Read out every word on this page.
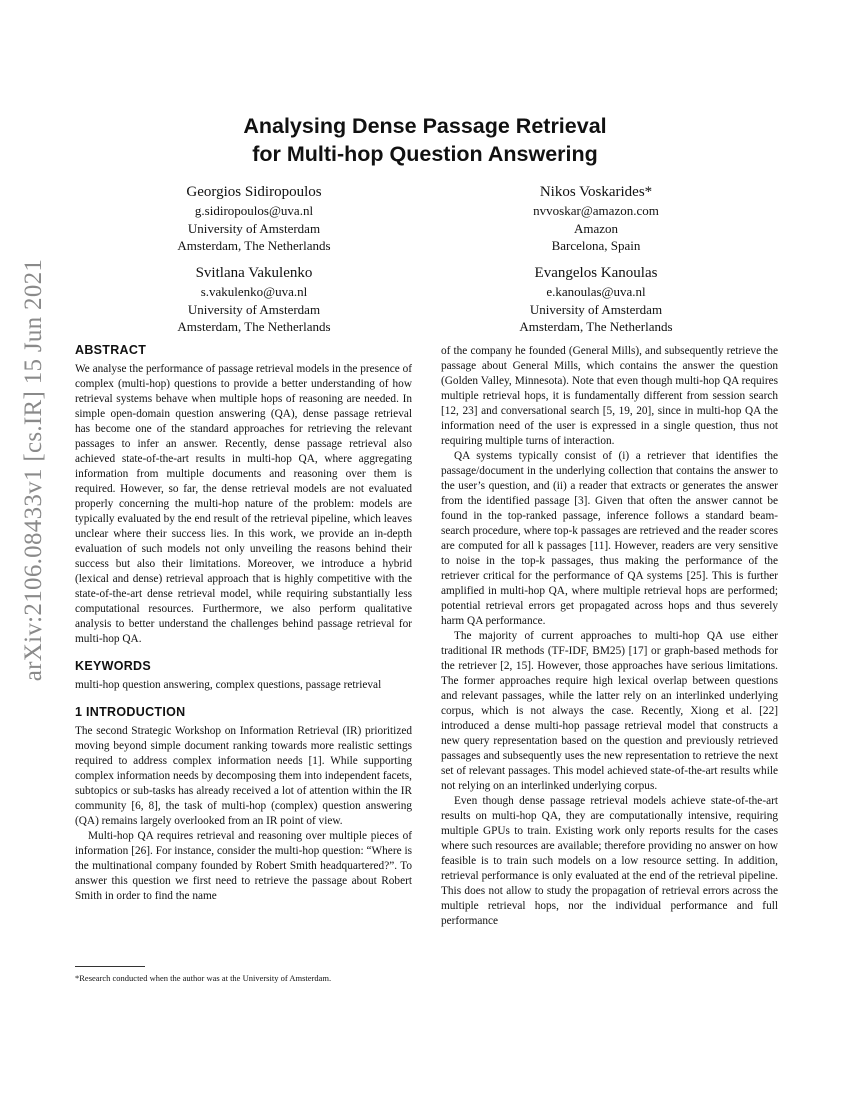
arXiv:2106.08433v1 [cs.IR] 15 Jun 2021
Analysing Dense Passage Retrieval
for Multi-hop Question Answering
Georgios Sidiropoulos
g.sidiropoulos@uva.nl
University of Amsterdam
Amsterdam, The Netherlands
Nikos Voskarides*
nvvoskar@amazon.com
Amazon
Barcelona, Spain
Svitlana Vakulenko
s.vakulenko@uva.nl
University of Amsterdam
Amsterdam, The Netherlands
Evangelos Kanoulas
e.kanoulas@uva.nl
University of Amsterdam
Amsterdam, The Netherlands
ABSTRACT

We analyse the performance of passage retrieval models in the presence of complex (multi-hop) questions to provide a better understanding of how retrieval systems behave when multiple hops of reasoning are needed. In simple open-domain question answering (QA), dense passage retrieval has become one of the standard approaches for retrieving the relevant passages to infer an answer. Recently, dense passage retrieval also achieved state-of-the-art results in multi-hop QA, where aggregating information from multiple documents and reasoning over them is required. However, so far, the dense retrieval models are not evaluated properly concerning the multi-hop nature of the problem: models are typically evaluated by the end result of the retrieval pipeline, which leaves unclear where their success lies. In this work, we provide an in-depth evaluation of such models not only unveiling the reasons behind their success but also their limitations. Moreover, we introduce a hybrid (lexical and dense) retrieval approach that is highly competitive with the state-of-the-art dense retrieval model, while requiring substantially less computational resources. Furthermore, we also perform qualitative analysis to better understand the challenges behind passage retrieval for multi-hop QA.

KEYWORDS

multi-hop question answering, complex questions, passage retrieval

1 INTRODUCTION

The second Strategic Workshop on Information Retrieval (IR) prioritized moving beyond simple document ranking towards more realistic settings required to address complex information needs [1]. While supporting complex information needs by decomposing them into independent facets, subtopics or sub-tasks has already received a lot of attention within the IR community [6, 8], the task of multi-hop (complex) question answering (QA) remains largely overlooked from an IR point of view.

Multi-hop QA requires retrieval and reasoning over multiple pieces of information [26]. For instance, consider the multi-hop question: “Where is the multinational company founded by Robert Smith headquartered?”. To answer this question we first need to retrieve the passage about Robert Smith in order to find the name

of the company he founded (General Mills), and subsequently retrieve the passage about General Mills, which contains the answer the question (Golden Valley, Minnesota). Note that even though multi-hop QA requires multiple retrieval hops, it is fundamentally different from session search [12, 23] and conversational search [5, 19, 20], since in multi-hop QA the information need of the user is expressed in a single question, thus not requiring multiple turns of interaction.

QA systems typically consist of (i) a retriever that identifies the passage/document in the underlying collection that contains the answer to the user’s question, and (ii) a reader that extracts or generates the answer from the identified passage [3]. Given that often the answer cannot be found in the top-ranked passage, inference follows a standard beam-search procedure, where top-k passages are retrieved and the reader scores are computed for all k passages [11]. However, readers are very sensitive to noise in the top-k passages, thus making the performance of the retriever critical for the performance of QA systems [25]. This is further amplified in multi-hop QA, where multiple retrieval hops are performed; potential retrieval errors get propagated across hops and thus severely harm QA performance.

The majority of current approaches to multi-hop QA use either traditional IR methods (TF-IDF, BM25) [17] or graph-based methods for the retriever [2, 15]. However, those approaches have serious limitations. The former approaches require high lexical overlap between questions and relevant passages, while the latter rely on an interlinked underlying corpus, which is not always the case. Recently, Xiong et al. [22] introduced a dense multi-hop passage retrieval model that constructs a new query representation based on the question and previously retrieved passages and subsequently uses the new representation to retrieve the next set of relevant passages. This model achieved state-of-the-art results while not relying on an interlinked underlying corpus.

Even though dense passage retrieval models achieve state-of-the-art results on multi-hop QA, they are computationally intensive, requiring multiple GPUs to train. Existing work only reports results for the cases where such resources are available; therefore providing no answer on how feasible is to train such models on a low resource setting. In addition, retrieval performance is only evaluated at the end of the retrieval pipeline. This does not allow to study the propagation of retrieval errors across the multiple retrieval hops, nor the individual performance and full performance

*Research conducted when the author was at the University of Amsterdam.
